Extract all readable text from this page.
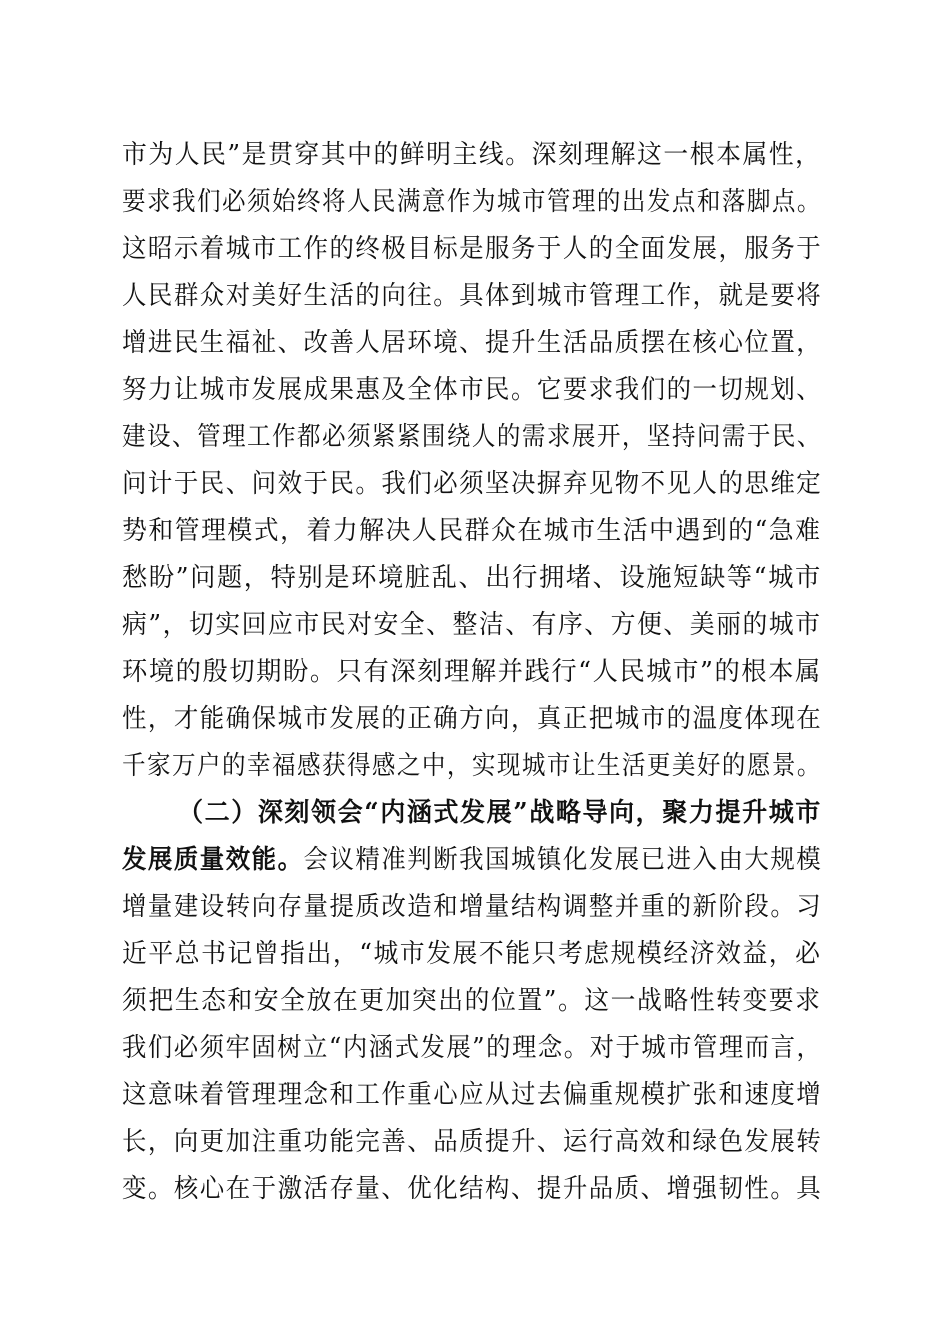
市为人民”是贯穿其中的鲜明主线。深刻理解这一根本属性，
要求我们必须始终将人民满意作为城市管理的出发点和落脚点。
这昭示着城市工作的终极目标是服务于人的全面发展，服务于
人民群众对美好生活的向往。具体到城市管理工作，就是要将
增进民生福祉、改善人居环境、提升生活品质摆在核心位置，
努力让城市发展成果惠及全体市民。它要求我们的一切规划、
建设、管理工作都必须紧紧围绕人的需求展开，坚持问需于民、
问计于民、问效于民。我们必须坚决摒弃见物不见人的思维定
势和管理模式，着力解决人民群众在城市生活中遇到的“急难
愁盼”问题，特别是环境脏乱、出行拥堵、设施短缺等“城市
病”，切实回应市民对安全、整洁、有序、方便、美丽的城市
环境的殷切期盼。只有深刻理解并践行“人民城市”的根本属
性，才能确保城市发展的正确方向，真正把城市的温度体现在
千家万户的幸福感获得感之中，实现城市让生活更美好的愿景。
（二）深刻领会“内涵式发展”战略导向，聚力提升城市
发展质量效能。会议精准判断我国城镇化发展已进入由大规模
增量建设转向存量提质改造和增量结构调整并重的新阶段。习
近平总书记曾指出，“城市发展不能只考虑规模经济效益，必
须把生态和安全放在更加突出的位置”。这一战略性转变要求
我们必须牢固树立“内涵式发展”的理念。对于城市管理而言，
这意味着管理理念和工作重心应从过去偏重规模扩张和速度增
长，向更加注重功能完善、品质提升、运行高效和绿色发展转
变。核心在于激活存量、优化结构、提升品质、增强韧性。具
